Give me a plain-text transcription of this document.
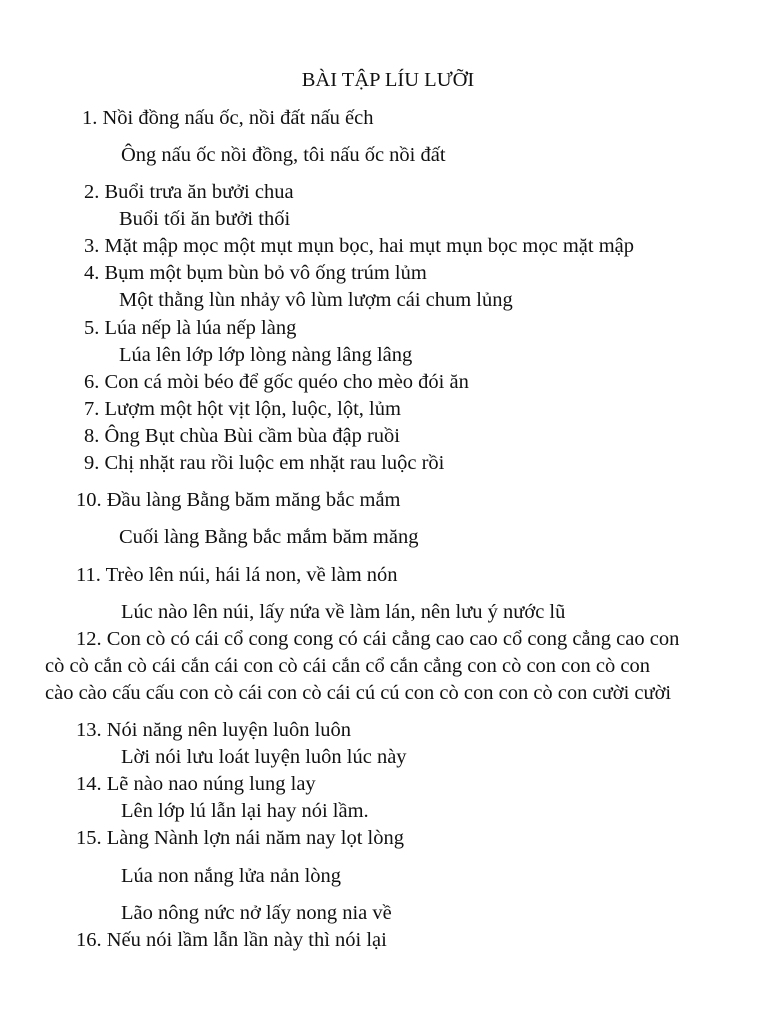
BÀI TẬP LÍU LƯỠI
1. Nồi đồng nấu ốc, nồi đất nấu ếch
Ông nấu ốc nồi đồng, tôi nấu ốc nồi đất
2. Buổi trưa ăn bưởi chua
Buổi tối ăn bưởi thối
3. Mặt mập mọc một mụt mụn bọc, hai mụt mụn bọc mọc mặt mập
4. Bụm một bụm bùn bỏ vô ống trúm lủm
Một thằng lùn nhảy vô lùm lượm cái chum lủng
5. Lúa nếp là lúa nếp làng
Lúa lên lớp lớp lòng nàng lâng lâng
6. Con cá mòi béo để gốc quéo cho mèo đói ăn
7. Lượm một hột vịt lộn, luộc, lột, lủm
8. Ông Bụt chùa Bùi cầm bùa đập ruồi
9. Chị nhặt rau rồi luộc em nhặt rau luộc rồi
10. Đầu làng Bằng băm măng bắc mắm
Cuối làng Bằng bắc mắm băm măng
11. Trèo lên núi, hái lá non, về làm nón
Lúc nào lên núi, lấy nứa về làm lán, nên lưu ý nước lũ
12. Con cò có cái cổ cong cong có cái cẳng cao cao cổ cong cẳng cao con
cò cò cắn cò cái cắn cái con cò cái cắn cổ cắn cẳng con cò con con cò con
cào cào cấu cấu con cò cái con cò cái cú cú con cò con con cò con cười cười
13. Nói năng nên luyện luôn luôn
Lời nói lưu loát luyện luôn lúc này
14. Lẽ nào nao núng lung lay
Lên lớp lú lẫn lại hay nói lầm.
15. Làng Nành lợn nái năm nay lọt lòng
Lúa non nắng lửa nản lòng
Lão nông nức nở lấy nong nia về
16. Nếu nói lầm lẫn lần này thì nói lại
